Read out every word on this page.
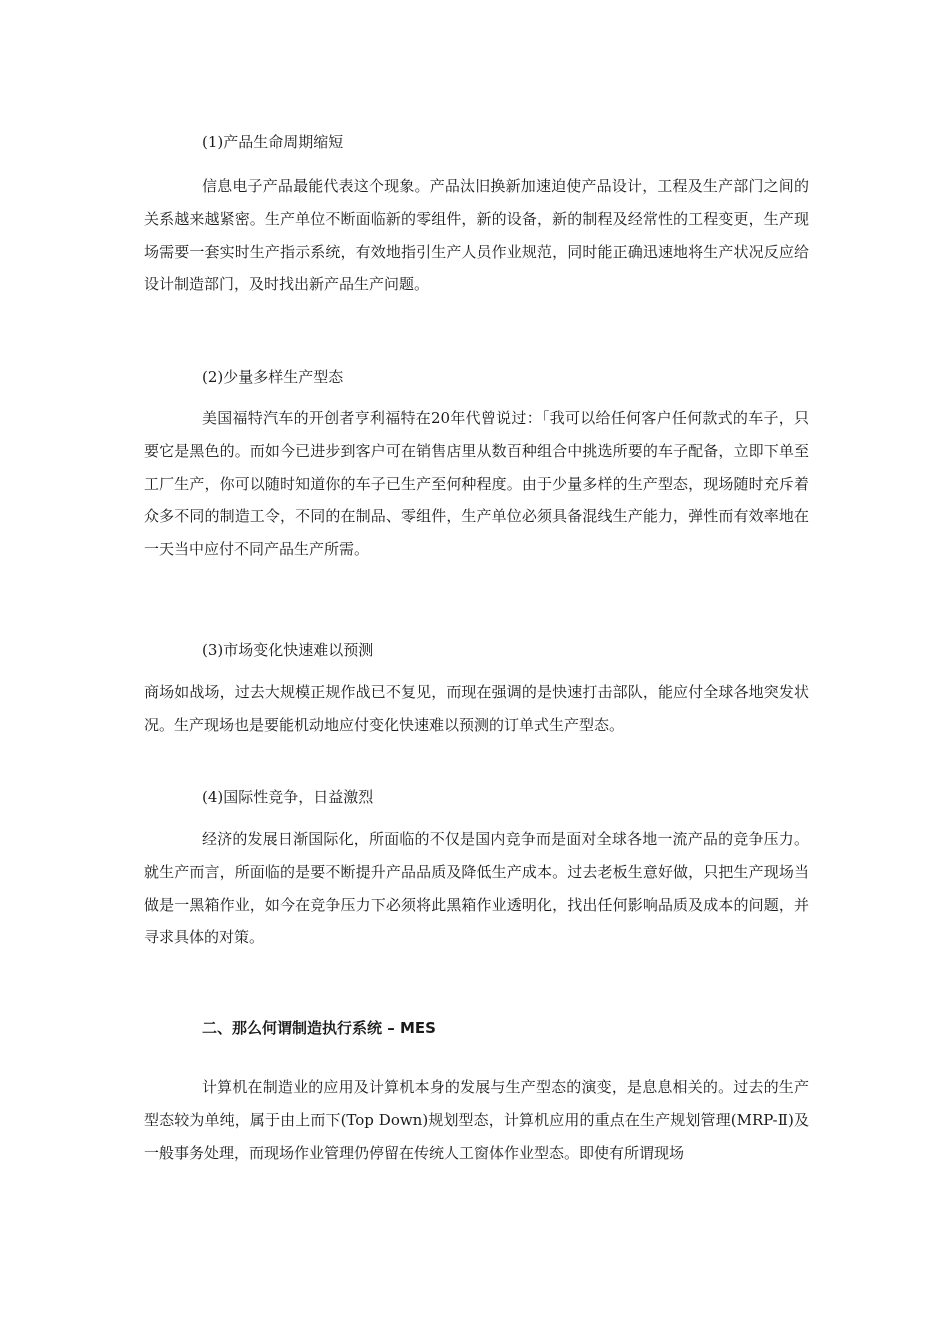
(1)产品生命周期缩短

信息电子产品最能代表这个现象。产品汰旧换新加速迫使产品设计，工程及生产部门之间的关系越来越紧密。生产单位不断面临新的零组件，新的设备，新的制程及经常性的工程变更，生产现场需要一套实时生产指示系统，有效地指引生产人员作业规范，同时能正确迅速地将生产状况反应给设计制造部门，及时找出新产品生产问题。

(2)少量多样生产型态

美国福特汽车的开创者亨利福特在20年代曾说过：「我可以给任何客户任何款式的车子，只要它是黑色的。而如今已进步到客户可在销售店里从数百种组合中挑选所要的车子配备，立即下单至工厂生产，你可以随时知道你的车子已生产至何种程度。由于少量多样的生产型态，现场随时充斥着众多不同的制造工令，不同的在制品、零组件，生产单位必须具备混线生产能力，弹性而有效率地在一天当中应付不同产品生产所需。

(3)市场变化快速难以预测

商场如战场，过去大规模正规作战已不复见，而现在强调的是快速打击部队，能应付全球各地突发状况。生产现场也是要能机动地应付变化快速难以预测的订单式生产型态。

(4)国际性竞争，日益激烈

经济的发展日渐国际化，所面临的不仅是国内竞争而是面对全球各地一流产品的竞争压力。就生产而言，所面临的是要不断提升产品品质及降低生产成本。过去老板生意好做，只把生产现场当做是一黑箱作业，如今在竞争压力下必须将此黑箱作业透明化，找出任何影响品质及成本的问题，并寻求具体的对策。

二、那么何谓制造执行系统 – MES

计算机在制造业的应用及计算机本身的发展与生产型态的演变，是息息相关的。过去的生产型态较为单纯，属于由上而下(Top Down)规划型态，计算机应用的重点在生产规划管理(MRP-Ⅱ)及一般事务处理，而现场作业管理仍停留在传统人工窗体作业型态。即使有所谓现场
